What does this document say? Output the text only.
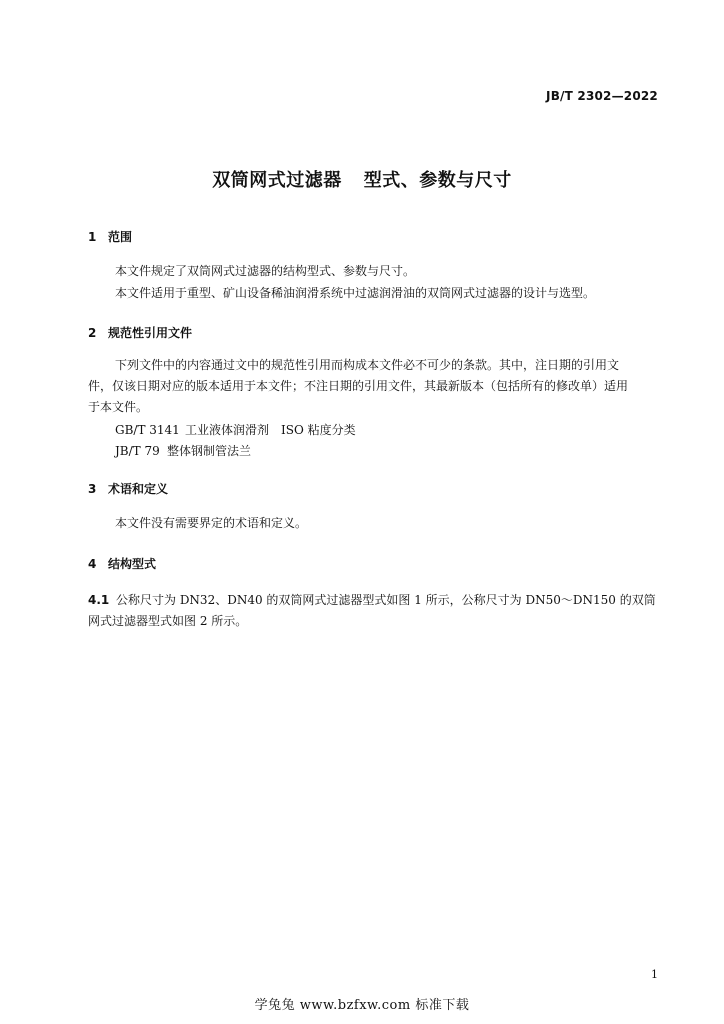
JB/T 2302—2022
双筒网式过滤器 型式、参数与尺寸
1 范围
本文件规定了双筒网式过滤器的结构型式、参数与尺寸。
本文件适用于重型、矿山设备稀油润滑系统中过滤润滑油的双筒网式过滤器的设计与选型。
2 规范性引用文件
下列文件中的内容通过文中的规范性引用而构成本文件必不可少的条款。其中，注日期的引用文
件，仅该日期对应的版本适用于本文件；不注日期的引用文件，其最新版本（包括所有的修改单）适用
于本文件。
GB/T 3141 工业液体润滑剂　ISO 粘度分类
JB/T 79 整体钢制管法兰
3 术语和定义
本文件没有需要界定的术语和定义。
4 结构型式
4.1 公称尺寸为 DN32、DN40 的双筒网式过滤器型式如图 1 所示，公称尺寸为 DN50～DN150 的双筒
网式过滤器型式如图 2 所示。
1
学兔兔 www.bzfxw.com 标准下载
